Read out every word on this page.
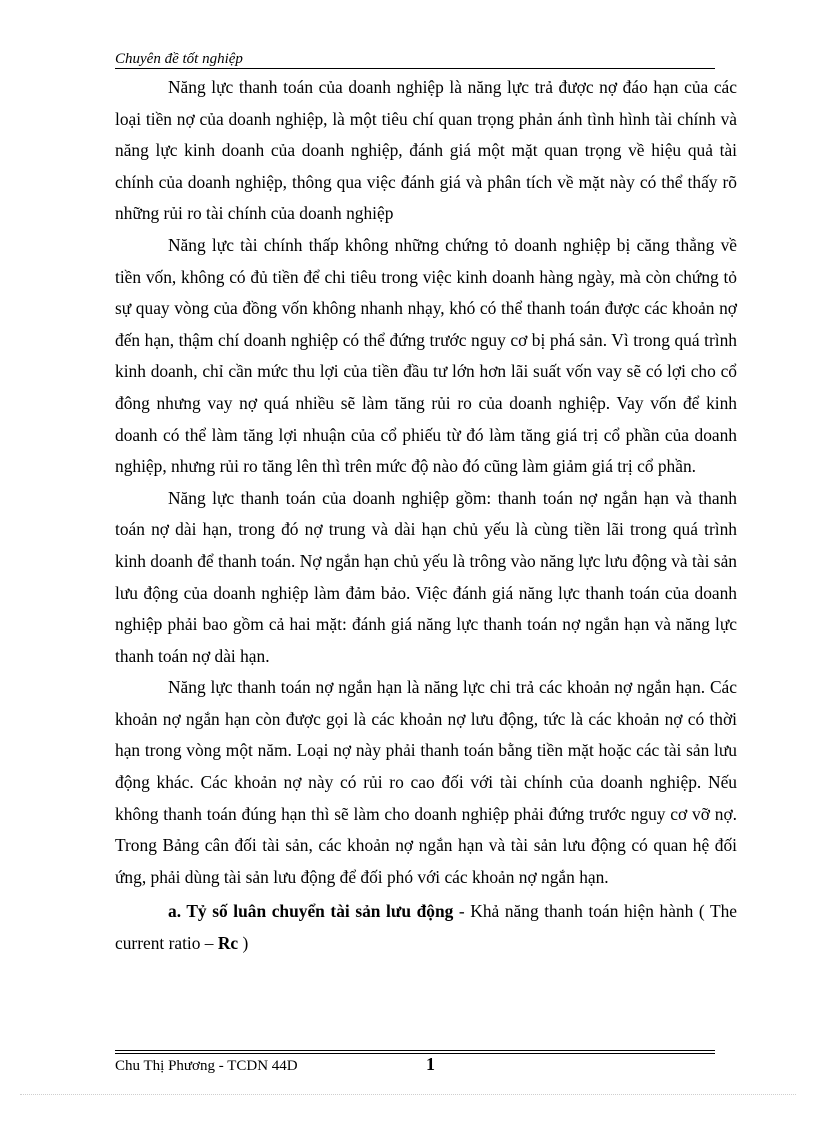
Chuyên đề tốt nghiệp

Năng lực thanh toán của doanh nghiệp là năng lực trả được nợ đáo hạn của các loại tiền nợ của doanh nghiệp, là một tiêu chí quan trọng phản ánh tình hình tài chính và năng lực kinh doanh của doanh nghiệp, đánh giá một mặt quan trọng về hiệu quả tài chính của doanh nghiệp, thông qua việc đánh giá và phân tích về mặt này có thể thấy rõ những rủi ro tài chính của doanh nghiệp

Năng lực tài chính thấp không những chứng tỏ doanh nghiệp bị căng thẳng về tiền vốn, không có đủ tiền để chi tiêu trong việc kinh doanh hàng ngày, mà còn chứng tỏ sự quay vòng của đồng vốn không nhanh nhạy, khó có thể thanh toán được các khoản nợ đến hạn, thậm chí doanh nghiệp có thể đứng trước nguy cơ bị phá sản. Vì trong quá trình kinh doanh, chỉ cần mức thu lợi của tiền đầu tư lớn hơn lãi suất vốn vay sẽ có lợi cho cổ đông nhưng vay nợ quá nhiều sẽ làm tăng rủi ro của doanh nghiệp. Vay vốn để kinh doanh có thể làm tăng lợi nhuận của cổ phiếu từ đó làm tăng giá trị cổ phần của doanh nghiệp, nhưng rủi ro tăng lên thì trên mức độ nào đó cũng làm giảm giá trị cổ phần.

Năng lực thanh toán của doanh nghiệp gồm: thanh toán nợ ngắn hạn và thanh toán nợ dài hạn, trong đó nợ trung và dài hạn chủ yếu là cùng tiền lãi trong quá trình kinh doanh để thanh toán. Nợ ngắn hạn chủ yếu là trông vào năng lực lưu động và tài sản lưu động của doanh nghiệp làm đảm bảo. Việc đánh giá năng lực thanh toán của doanh nghiệp phải bao gồm cả hai mặt: đánh giá năng lực thanh toán nợ ngắn hạn và năng lực thanh toán nợ dài hạn.

Năng lực thanh toán nợ ngắn hạn là năng lực chi trả các khoản nợ ngắn hạn. Các khoản nợ ngắn hạn còn được gọi là các khoản nợ lưu động, tức là các khoản nợ có thời hạn trong vòng một năm. Loại nợ này phải thanh toán bằng tiền mặt hoặc các tài sản lưu động khác. Các khoản nợ này có rủi ro cao đối với tài chính của doanh nghiệp. Nếu không thanh toán đúng hạn thì sẽ làm cho doanh nghiệp phải đứng trước nguy cơ vỡ nợ. Trong Bảng cân đối tài sản, các khoản nợ ngắn hạn và tài sản lưu động có quan hệ đối ứng, phải dùng tài sản lưu động để đối phó với các khoản nợ ngắn hạn.

a. Tỷ số luân chuyển tài sản lưu động - Khả năng thanh toán hiện hành ( The current ratio – Rc )

Chu Thị Phương - TCDN 44D	1
